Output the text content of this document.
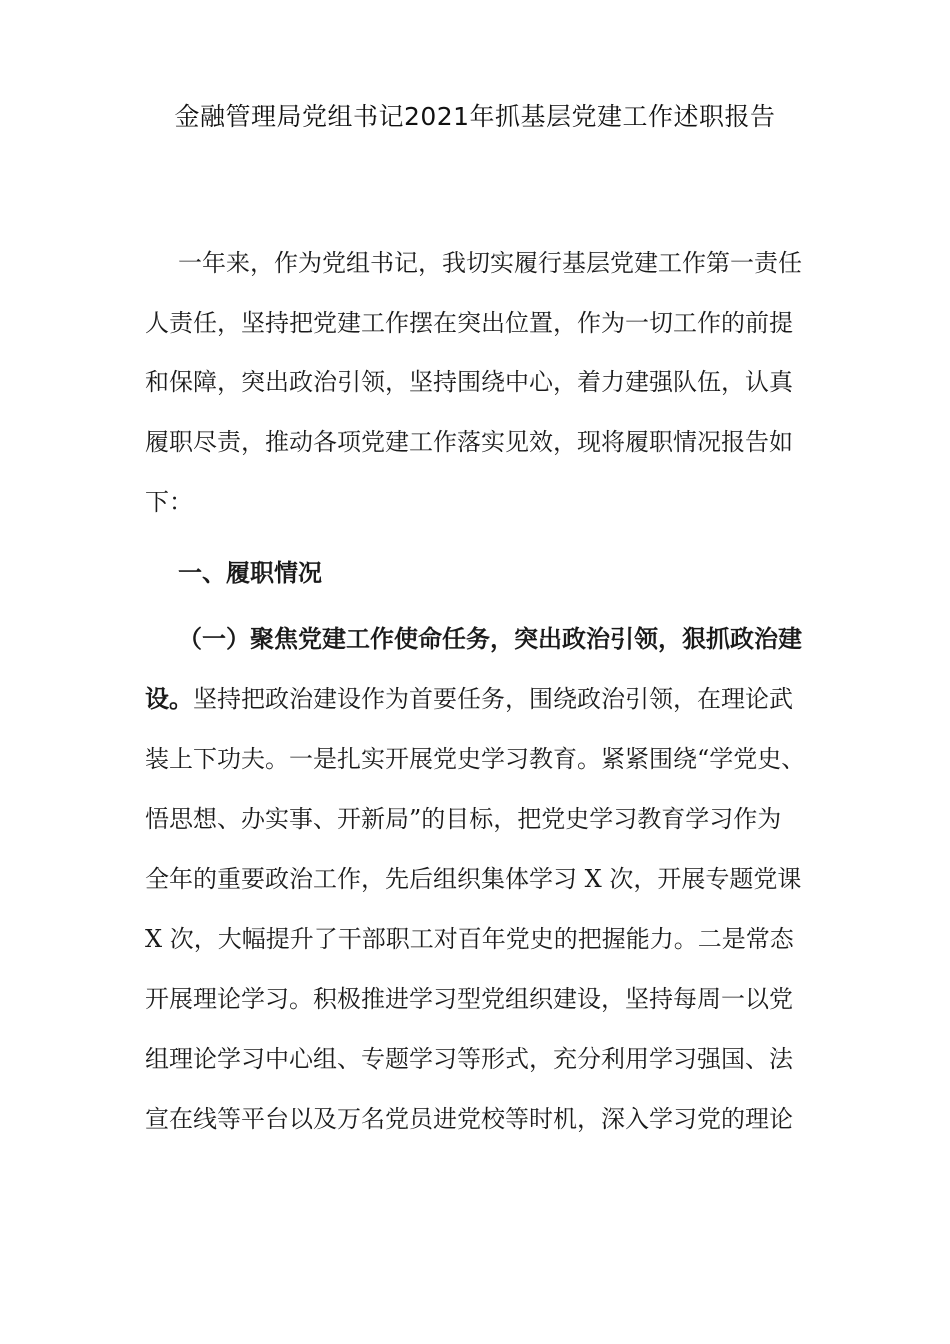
金融管理局党组书记2021年抓基层党建工作述职报告
一年来，作为党组书记，我切实履行基层党建工作第一责任
人责任，坚持把党建工作摆在突出位置，作为一切工作的前提
和保障，突出政治引领，坚持围绕中心，着力建强队伍，认真
履职尽责，推动各项党建工作落实见效，现将履职情况报告如
下：
一、履职情况
（一）聚焦党建工作使命任务，突出政治引领，狠抓政治建
设。坚持把政治建设作为首要任务，围绕政治引领，在理论武
装上下功夫。一是扎实开展党史学习教育。紧紧围绕“学党史、
悟思想、办实事、开新局”的目标，把党史学习教育学习作为
全年的重要政治工作，先后组织集体学习 X 次，开展专题党课
X 次，大幅提升了干部职工对百年党史的把握能力。二是常态
开展理论学习。积极推进学习型党组织建设，坚持每周一以党
组理论学习中心组、专题学习等形式，充分利用学习强国、法
宣在线等平台以及万名党员进党校等时机，深入学习党的理论
